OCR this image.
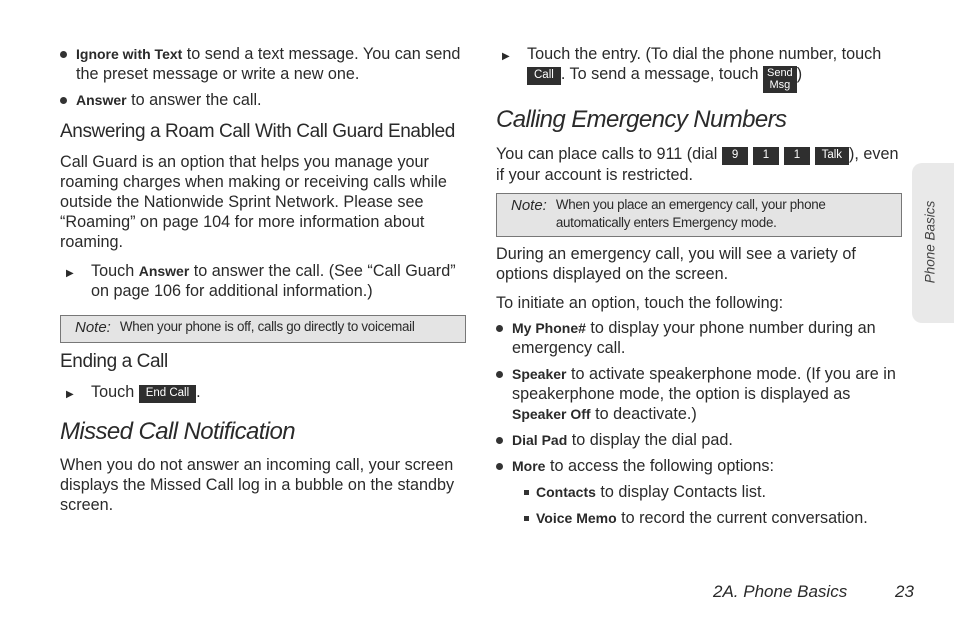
Ignore with Text to send a text message. You can send the preset message or write a new one.
Answer to answer the call.
Answering a Roam Call With Call Guard Enabled

Call Guard is an option that helps you manage your roaming charges when making or receiving calls while outside the Nationwide Sprint Network. Please see “Roaming” on page 104 for more information about roaming.

▶ Touch Answer to answer the call. (See “Call Guard” on page 106 for additional information.)
Note: When your phone is off, calls go directly to voicemail
Ending a Call
▶ Touch End Call .
Missed Call Notification

When you do not answer an incoming call, your screen displays the Missed Call log in a bubble on the standby screen.

▶ Touch the entry. (To dial the phone number, touch Call . To send a message, touch Send
Msg)
Calling Emergency Numbers

You can place calls to 911 (dial 9 1 1 Talk ), even if your account is restricted.

Note: When you place an emergency call, your phone automatically enters Emergency mode.

During an emergency call, you will see a variety of options displayed on the screen.

To initiate an option, touch the following:

My Phone# to display your phone number during an emergency call.
Speaker to activate speakerphone mode. (If you are in speakerphone mode, the option is displayed as Speaker Off to deactivate.)
Dial Pad to display the dial pad.
More to access the following options:
Contacts to display Contacts list.
Voice Memo to record the current conversation.
Phone Basics
2A. Phone Basics	23
